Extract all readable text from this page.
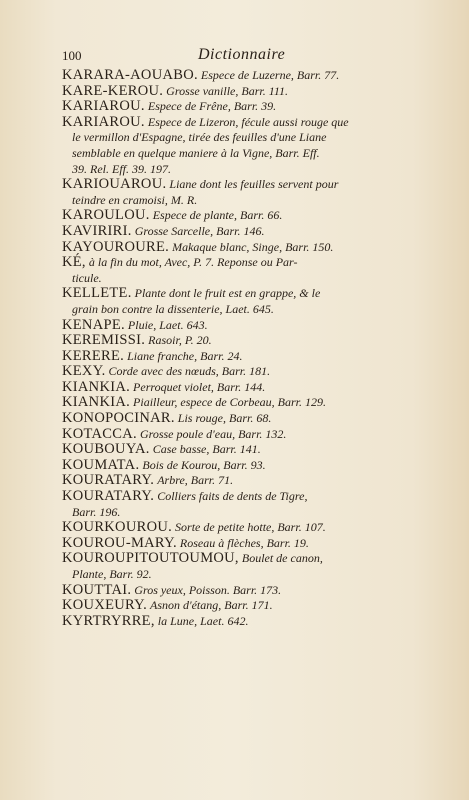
100	Dictionnaire

KARARA-AOUABO. Espece de Luzerne, Barr. 77.

KARE-KEROU. Grosse vanille, Barr. 111.

KARIAROU. Espece de Frêne, Barr. 39.

KARIAROU. Espece de Lizeron, fécule aussi rouge que

le vermillon d'Espagne, tirée des feuilles d'une Liane

semblable en quelque maniere à la Vigne, Barr. Eff.

39. Rel. Eff. 39. 197.

KARIOUAROU. Liane dont les feuilles servent pour

teindre en cramoisi, M. R.

KAROULOU. Espece de plante, Barr. 66.

KAVIRIRI. Grosse Sarcelle, Barr. 146.

KAYOUROURE. Makaque blanc, Singe, Barr. 150.

KÉ, à la fin du mot, Avec, P. 7. Reponse ou Par-

ticule.

KELLETE. Plante dont le fruit est en grappe, & le

grain bon contre la dissenterie, Laet. 645.

KENAPE. Pluie, Laet. 643.

KEREMISSI. Rasoir, P. 20.

KERERE. Liane franche, Barr. 24.

KEXY. Corde avec des nœuds, Barr. 181.

KIANKIA. Perroquet violet, Barr. 144.

KIANKIA. Piailleur, espece de Corbeau, Barr. 129.

KONOPOCINAR. Lis rouge, Barr. 68.

KOTACCA. Grosse poule d'eau, Barr. 132.

KOUBOUYA. Case basse, Barr. 141.

KOUMATA. Bois de Kourou, Barr. 93.

KOURATARY. Arbre, Barr. 71.

KOURATARY. Colliers faits de dents de Tigre,

Barr. 196.

KOURKOUROU. Sorte de petite hotte, Barr. 107.

KOUROU-MARY. Roseau à flèches, Barr. 19.

KOUROUPITOUTOUMOU, Boulet de canon,

Plante, Barr. 92.

KOUTTAI. Gros yeux, Poisson. Barr. 173.

KOUXEURY. Asnon d'étang, Barr. 171.

KYRTRYRRE, la Lune, Laet. 642.
